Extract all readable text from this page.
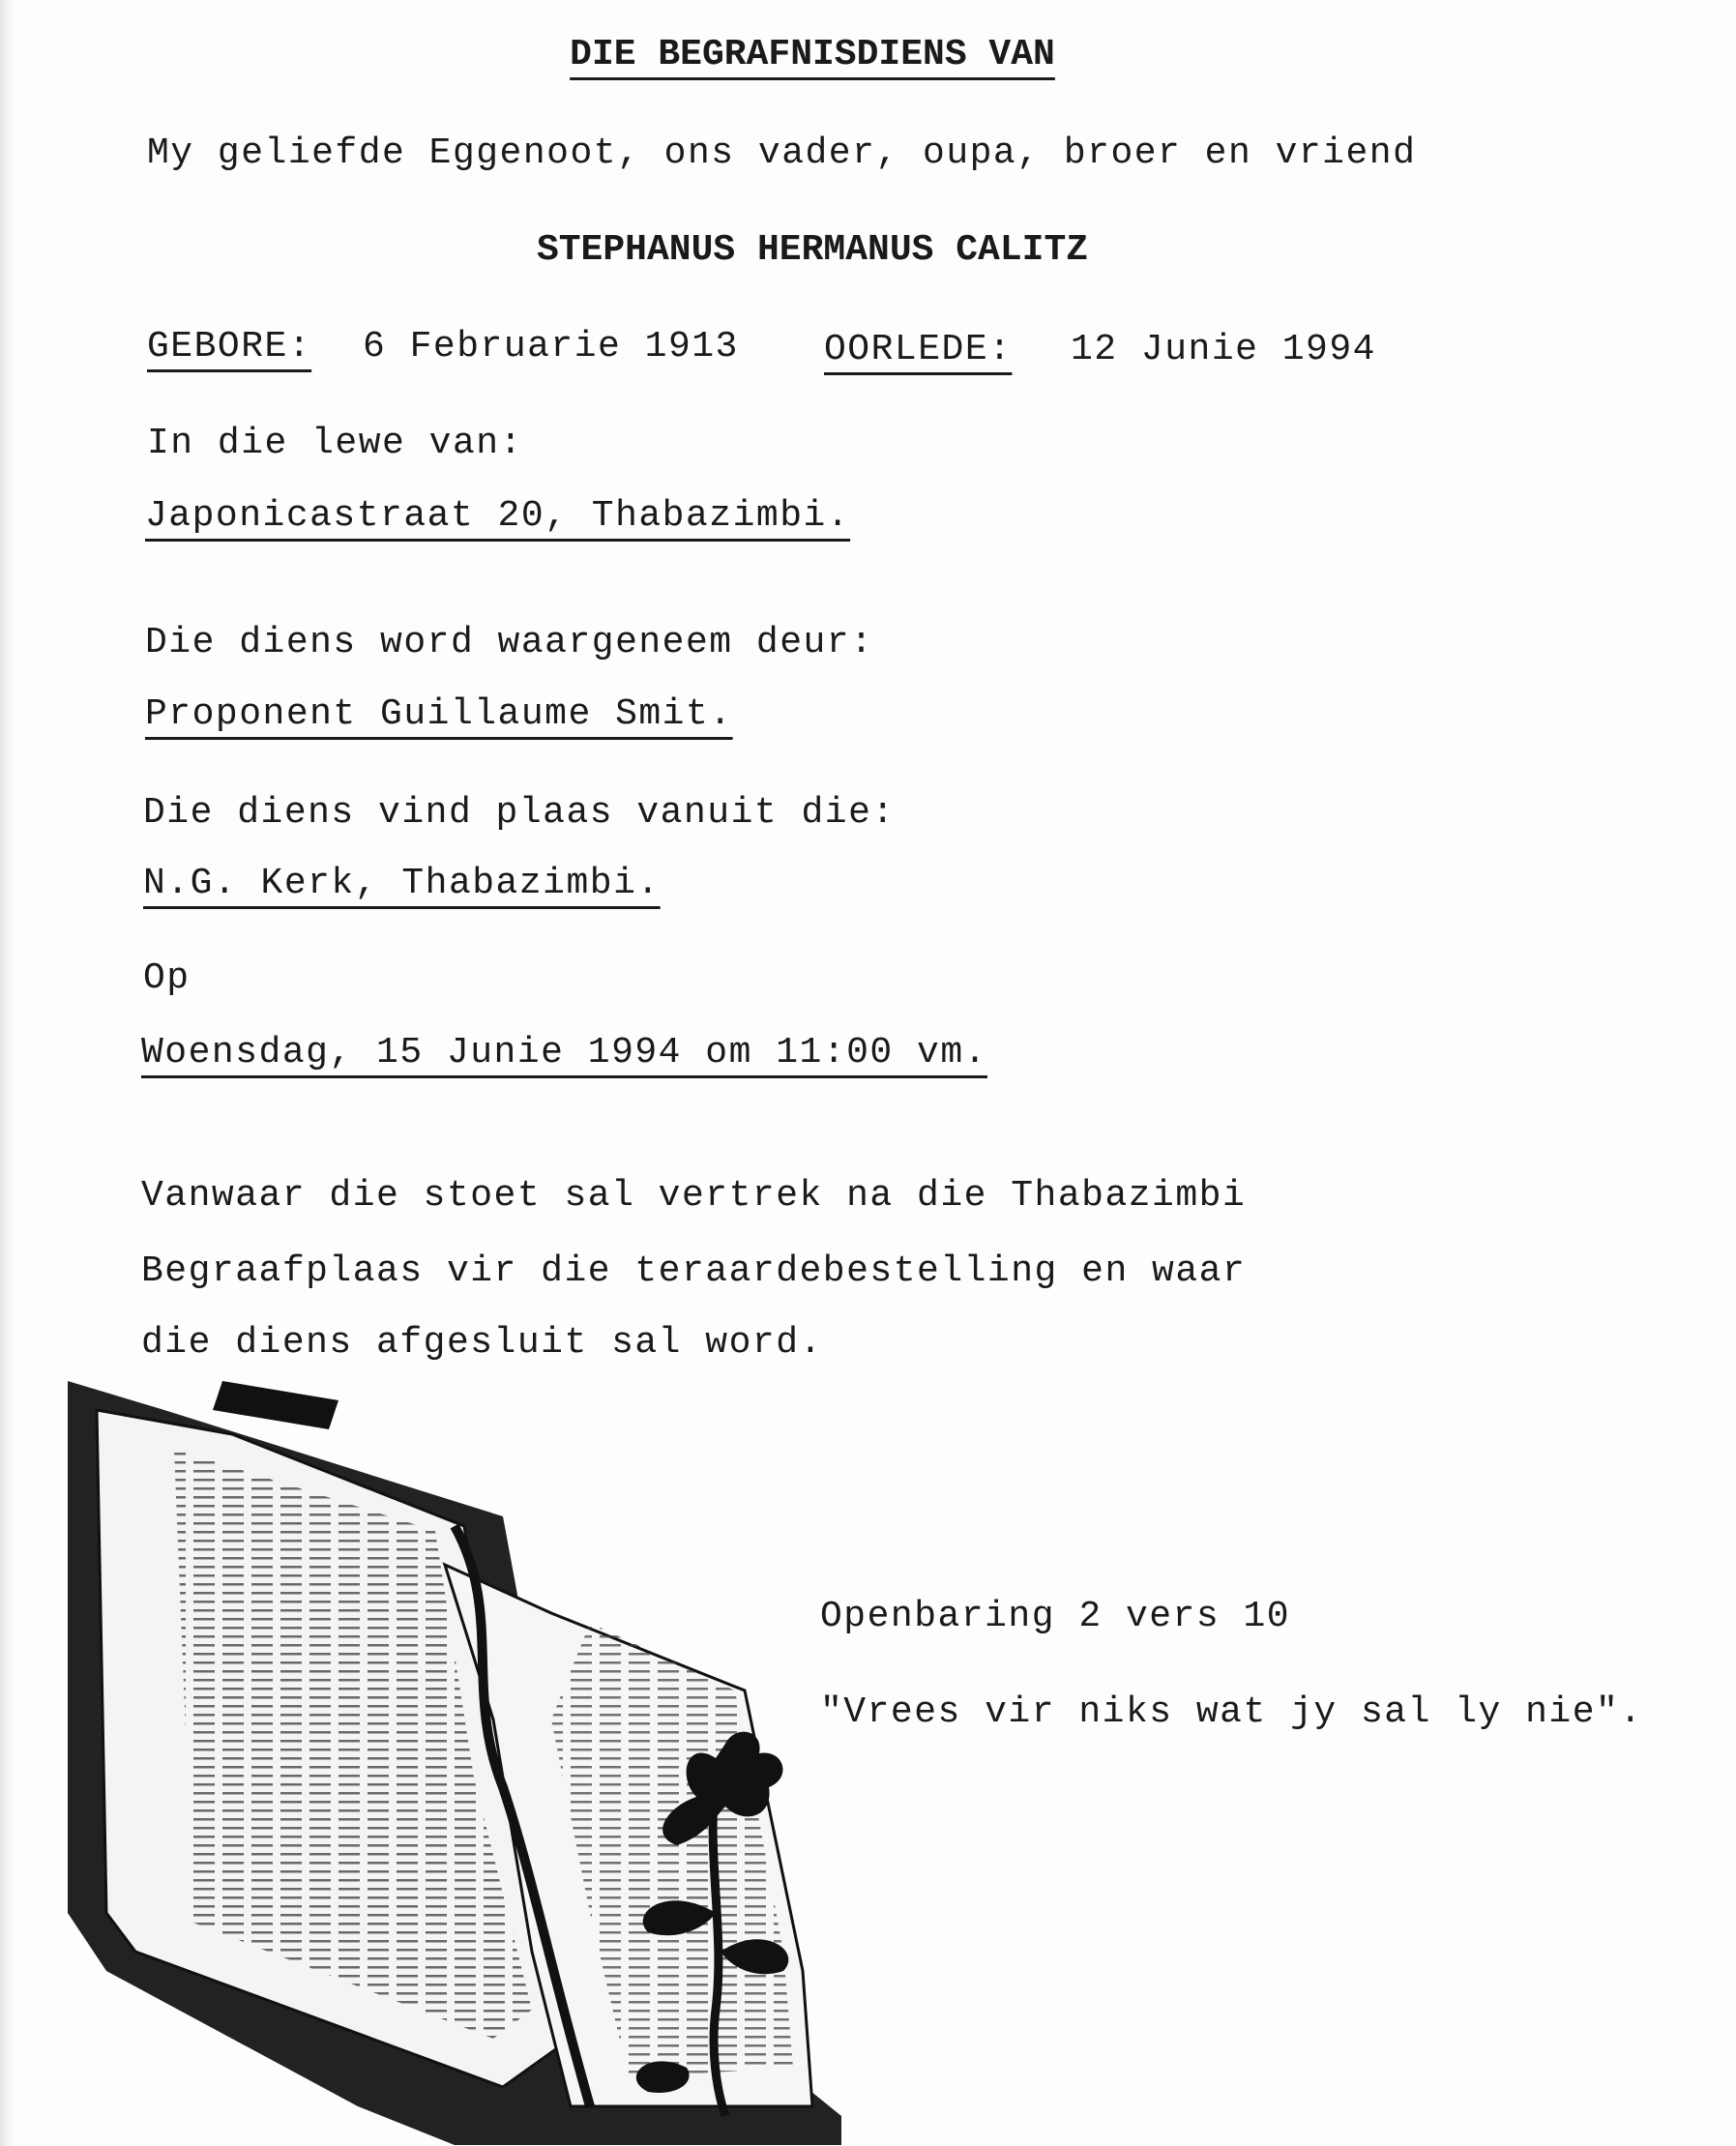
DIE BEGRAFNISDIENS VAN
My geliefde Eggenoot, ons vader, oupa, broer en vriend
STEPHANUS HERMANUS CALITZ
GEBORE: 6 Februarie 1913 OORLEDE: 12 Junie 1994
In die lewe van:
Japonicastraat 20, Thabazimbi.
Die diens word waargeneem deur:
Proponent Guillaume Smit.
Die diens vind plaas vanuit die:
N.G. Kerk, Thabazimbi.
Op
Woensdag, 15 Junie 1994 om 11:00 vm.
Vanwaar die stoet sal vertrek na die Thabazimbi
Begraafplaas vir die teraardebestelling en waar
die diens afgesluit sal word.
Openbaring 2 vers 10
"Vrees vir niks wat jy sal ly nie".
